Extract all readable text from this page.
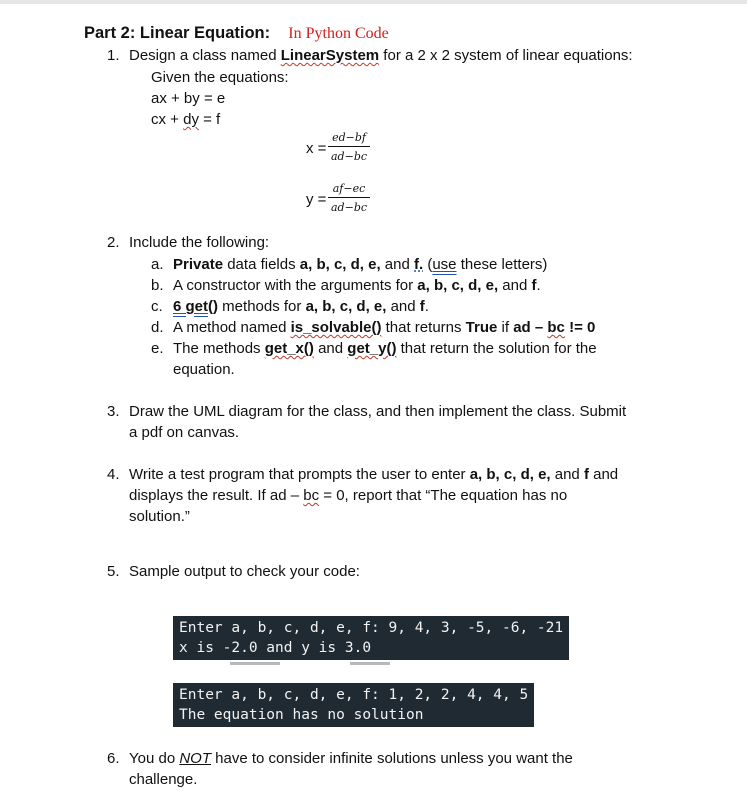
Part 2: Linear Equation: In Python Code
1. Design a class named LinearSystem for a 2 x 2 system of linear equations:
Given the equations:
ax + by = e
cx + dy = f
x =
ed−bf
ad−bc
y =
af−ec
ad−bc
2. Include the following:
a. Private data fields a, b, c, d, e, and f. (use these letters)
b. A constructor with the arguments for a, b, c, d, e, and f.
c. 6 get() methods for a, b, c, d, e, and f.
d. A method named is_solvable() that returns True if ad – bc != 0
e. The methods get_x() and get_y() that return the solution for the
equation.
3. Draw the UML diagram for the class, and then implement the class. Submit
a pdf on canvas.
4. Write a test program that prompts the user to enter a, b, c, d, e, and f and
displays the result. If ad – bc = 0, report that “The equation has no
solution.”
5. Sample output to check your code:
Enter a, b, c, d, e, f: 9, 4, 3, -5, -6, -21
x is -2.0 and y is 3.0
Enter a, b, c, d, e, f: 1, 2, 2, 4, 4, 5
The equation has no solution
6. You do NOT have to consider infinite solutions unless you want the
challenge.
